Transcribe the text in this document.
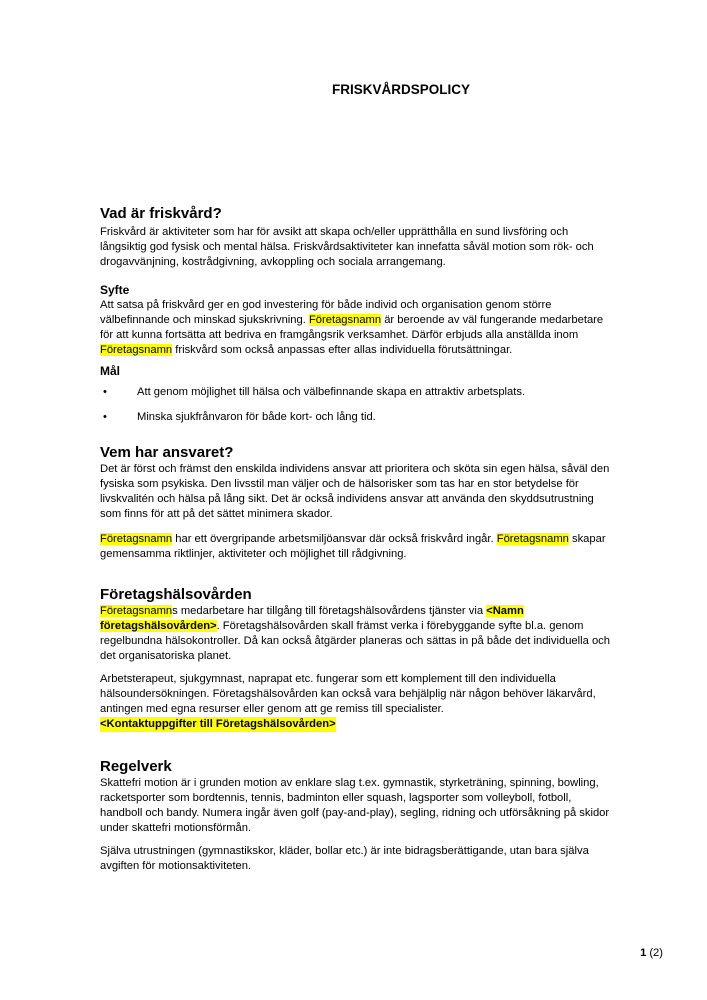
FRISKVÅRDSPOLICY
Vad är friskvård?

Friskvård är aktiviteter som har för avsikt att skapa och/eller upprätthålla en sund livsföring och långsiktig god fysisk och mental hälsa. Friskvårdsaktiviteter kan innefatta såväl motion som rök- och drogavvänjning, kostrådgivning, avkoppling och sociala arrangemang.

Syfte

Att satsa på friskvård ger en god investering för både individ och organisation genom större välbefinnande och minskad sjukskrivning. Företagsnamn är beroende av väl fungerande medarbetare för att kunna fortsätta att bedriva en framgångsrik verksamhet. Därför erbjuds alla anställda inom Företagsnamn friskvård som också anpassas efter allas individuella förutsättningar.

Mål
•	Att genom möjlighet till hälsa och välbefinnande skapa en attraktiv arbetsplats.
•	Minska sjukfrånvaron för både kort- och lång tid.
Vem har ansvaret?

Det är först och främst den enskilda individens ansvar att prioritera och sköta sin egen hälsa, såväl den fysiska som psykiska. Den livsstil man väljer och de hälsorisker som tas har en stor betydelse för livskvalitén och hälsa på lång sikt. Det är också individens ansvar att använda den skyddsutrustning som finns för att på det sättet minimera skador.

Företagsnamn har ett övergripande arbetsmiljöansvar där också friskvård ingår. Företagsnamn skapar gemensamma riktlinjer, aktiviteter och möjlighet till rådgivning.

Företagshälsovården

Företagsnamns medarbetare har tillgång till företagshälsovårdens tjänster via <Namn företagshälsovården>. Företagshälsovården skall främst verka i förebyggande syfte bl.a. genom regelbundna hälsokontroller. Då kan också åtgärder planeras och sättas in på både det individuella och det organisatoriska planet.

Arbetsterapeut, sjukgymnast, naprapat etc. fungerar som ett komplement till den individuella hälsoundersökningen. Företagshälsovården kan också vara behjälplig när någon behöver läkarvård, antingen med egna resurser eller genom att ge remiss till specialister.
<Kontaktuppgifter till Företagshälsovården>

Regelverk

Skattefri motion är i grunden motion av enklare slag t.ex. gymnastik, styrketräning, spinning, bowling, racketsporter som bordtennis, tennis, badminton eller squash, lagsporter som volleyboll, fotboll, handboll och bandy. Numera ingår även golf (pay-and-play), segling, ridning och utförsåkning på skidor under skattefri motionsförmån.

Själva utrustningen (gymnastikskor, kläder, bollar etc.) är inte bidragsberättigande, utan bara själva avgiften för motionsaktiviteten.

1 (2)
